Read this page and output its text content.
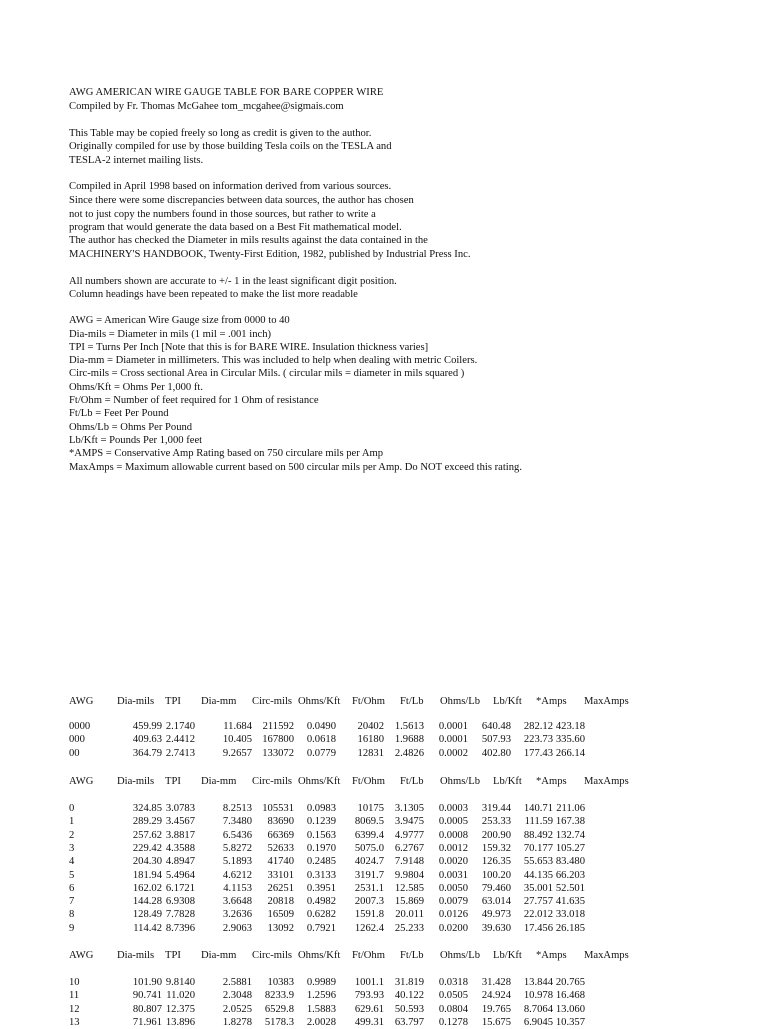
AWG AMERICAN WIRE GAUGE TABLE FOR BARE COPPER WIRE
Compiled by Fr. Thomas McGahee tom_mcgahee@sigmais.com
This Table may be copied freely so long as credit is given to the author.
Originally compiled for use by those building Tesla coils on the TESLA and
TESLA-2 internet mailing lists.
Compiled in April 1998 based on information derived from various sources.
Since there were some discrepancies between data sources, the author has chosen
not to just copy the numbers found in those sources, but rather to write a
program that would generate the data based on a Best Fit mathematical model.
The author has checked the Diameter in mils results against the data contained in the
MACHINERY'S HANDBOOK, Twenty-First Edition, 1982, published by Industrial Press Inc.
All numbers shown are accurate to +/- 1 in the least significant digit position.
Column headings have been repeated to make the list more readable
AWG = American Wire Gauge size from 0000 to 40
Dia-mils = Diameter in mils (1 mil = .001 inch)
TPI = Turns Per Inch [Note that this is for BARE WIRE. Insulation thickness varies]
Dia-mm = Diameter in millimeters. This was included to help when dealing with metric Coilers.
Circ-mils = Cross sectional Area in Circular Mils. ( circular mils = diameter in mils squared )
Ohms/Kft = Ohms Per 1,000 ft.
Ft/Ohm = Number of feet required for 1 Ohm of resistance
Ft/Lb = Feet Per Pound
Ohms/Lb = Ohms Per Pound
Lb/Kft = Pounds Per 1,000 feet
*AMPS = Conservative Amp Rating based on 750 circulare mils per Amp
MaxAmps = Maximum allowable current based on 500 circular mils per Amp. Do NOT exceed this rating.
AWG Dia-mils TPI Dia-mm Circ-mils Ohms/Kft Ft/Ohm Ft/Lb Ohms/Lb Lb/Kft *Amps MaxAmps
0000	459.99 2.1740	11.684	211592	0.0490	20402	1.5613	0.0001	640.48	282.12 423.18
000	409.63 2.4412	10.405 167800	0.0618	16180	1.9688	0.0001	507.93	223.73 335.60
00	364.79 2.7413	9.2657 133072	0.0779	12831	2.4826	0.0002	402.80	177.43 266.14
AWG Dia-mils TPI Dia-mm Circ-mils Ohms/Kft Ft/Ohm Ft/Lb Ohms/Lb Lb/Kft *Amps MaxAmps
0	324.85 3.0783	8.2513 105531	0.0983	10175	3.1305	0.0003	319.44	140.71 211.06
1	289.29 3.4567	7.3480	83690	0.1239	8069.5	3.9475	0.0005	253.33	111.59 167.38
2	257.62 3.8817	6.5436	66369	0.1563	6399.4	4.9777	0.0008	200.90	88.492 132.74
3	229.42 4.3588	5.8272	52633	0.1970	5075.0	6.2767	0.0012	159.32	70.177 105.27
4	204.30 4.8947	5.1893	41740	0.2485	4024.7	7.9148	0.0020	126.35	55.653 83.480
5	181.94 5.4964	4.6212	33101	0.3133	3191.7	9.9804	0.0031	100.20	44.135 66.203
6	162.02 6.1721	4.1153	26251	0.3951	2531.1	12.585	0.0050	79.460	35.001 52.501
7	144.28 6.9308	3.6648	20818	0.4982	2007.3	15.869	0.0079	63.014	27.757 41.635
8	128.49 7.7828	3.2636	16509	0.6282	1591.8	20.011	0.0126	49.973	22.012 33.018
9	114.42 8.7396	2.9063	13092	0.7921	1262.4	25.233	0.0200	39.630	17.456 26.185
AWG Dia-mils TPI Dia-mm Circ-mils Ohms/Kft Ft/Ohm Ft/Lb Ohms/Lb Lb/Kft *Amps MaxAmps
10	101.90 9.8140	2.5881	10383	0.9989	1001.1	31.819	0.0318	31.428	13.844 20.765
11	90.741 11.020	2.3048	8233.9	1.2596	793.93	40.122	0.0505	24.924	10.978 16.468
12	80.807 12.375	2.0525	6529.8	1.5883	629.61	50.593	0.0804	19.765	8.7064 13.060
13	71.961 13.896	1.8278	5178.3	2.0028	499.31	63.797	0.1278	15.675	6.9045 10.357
